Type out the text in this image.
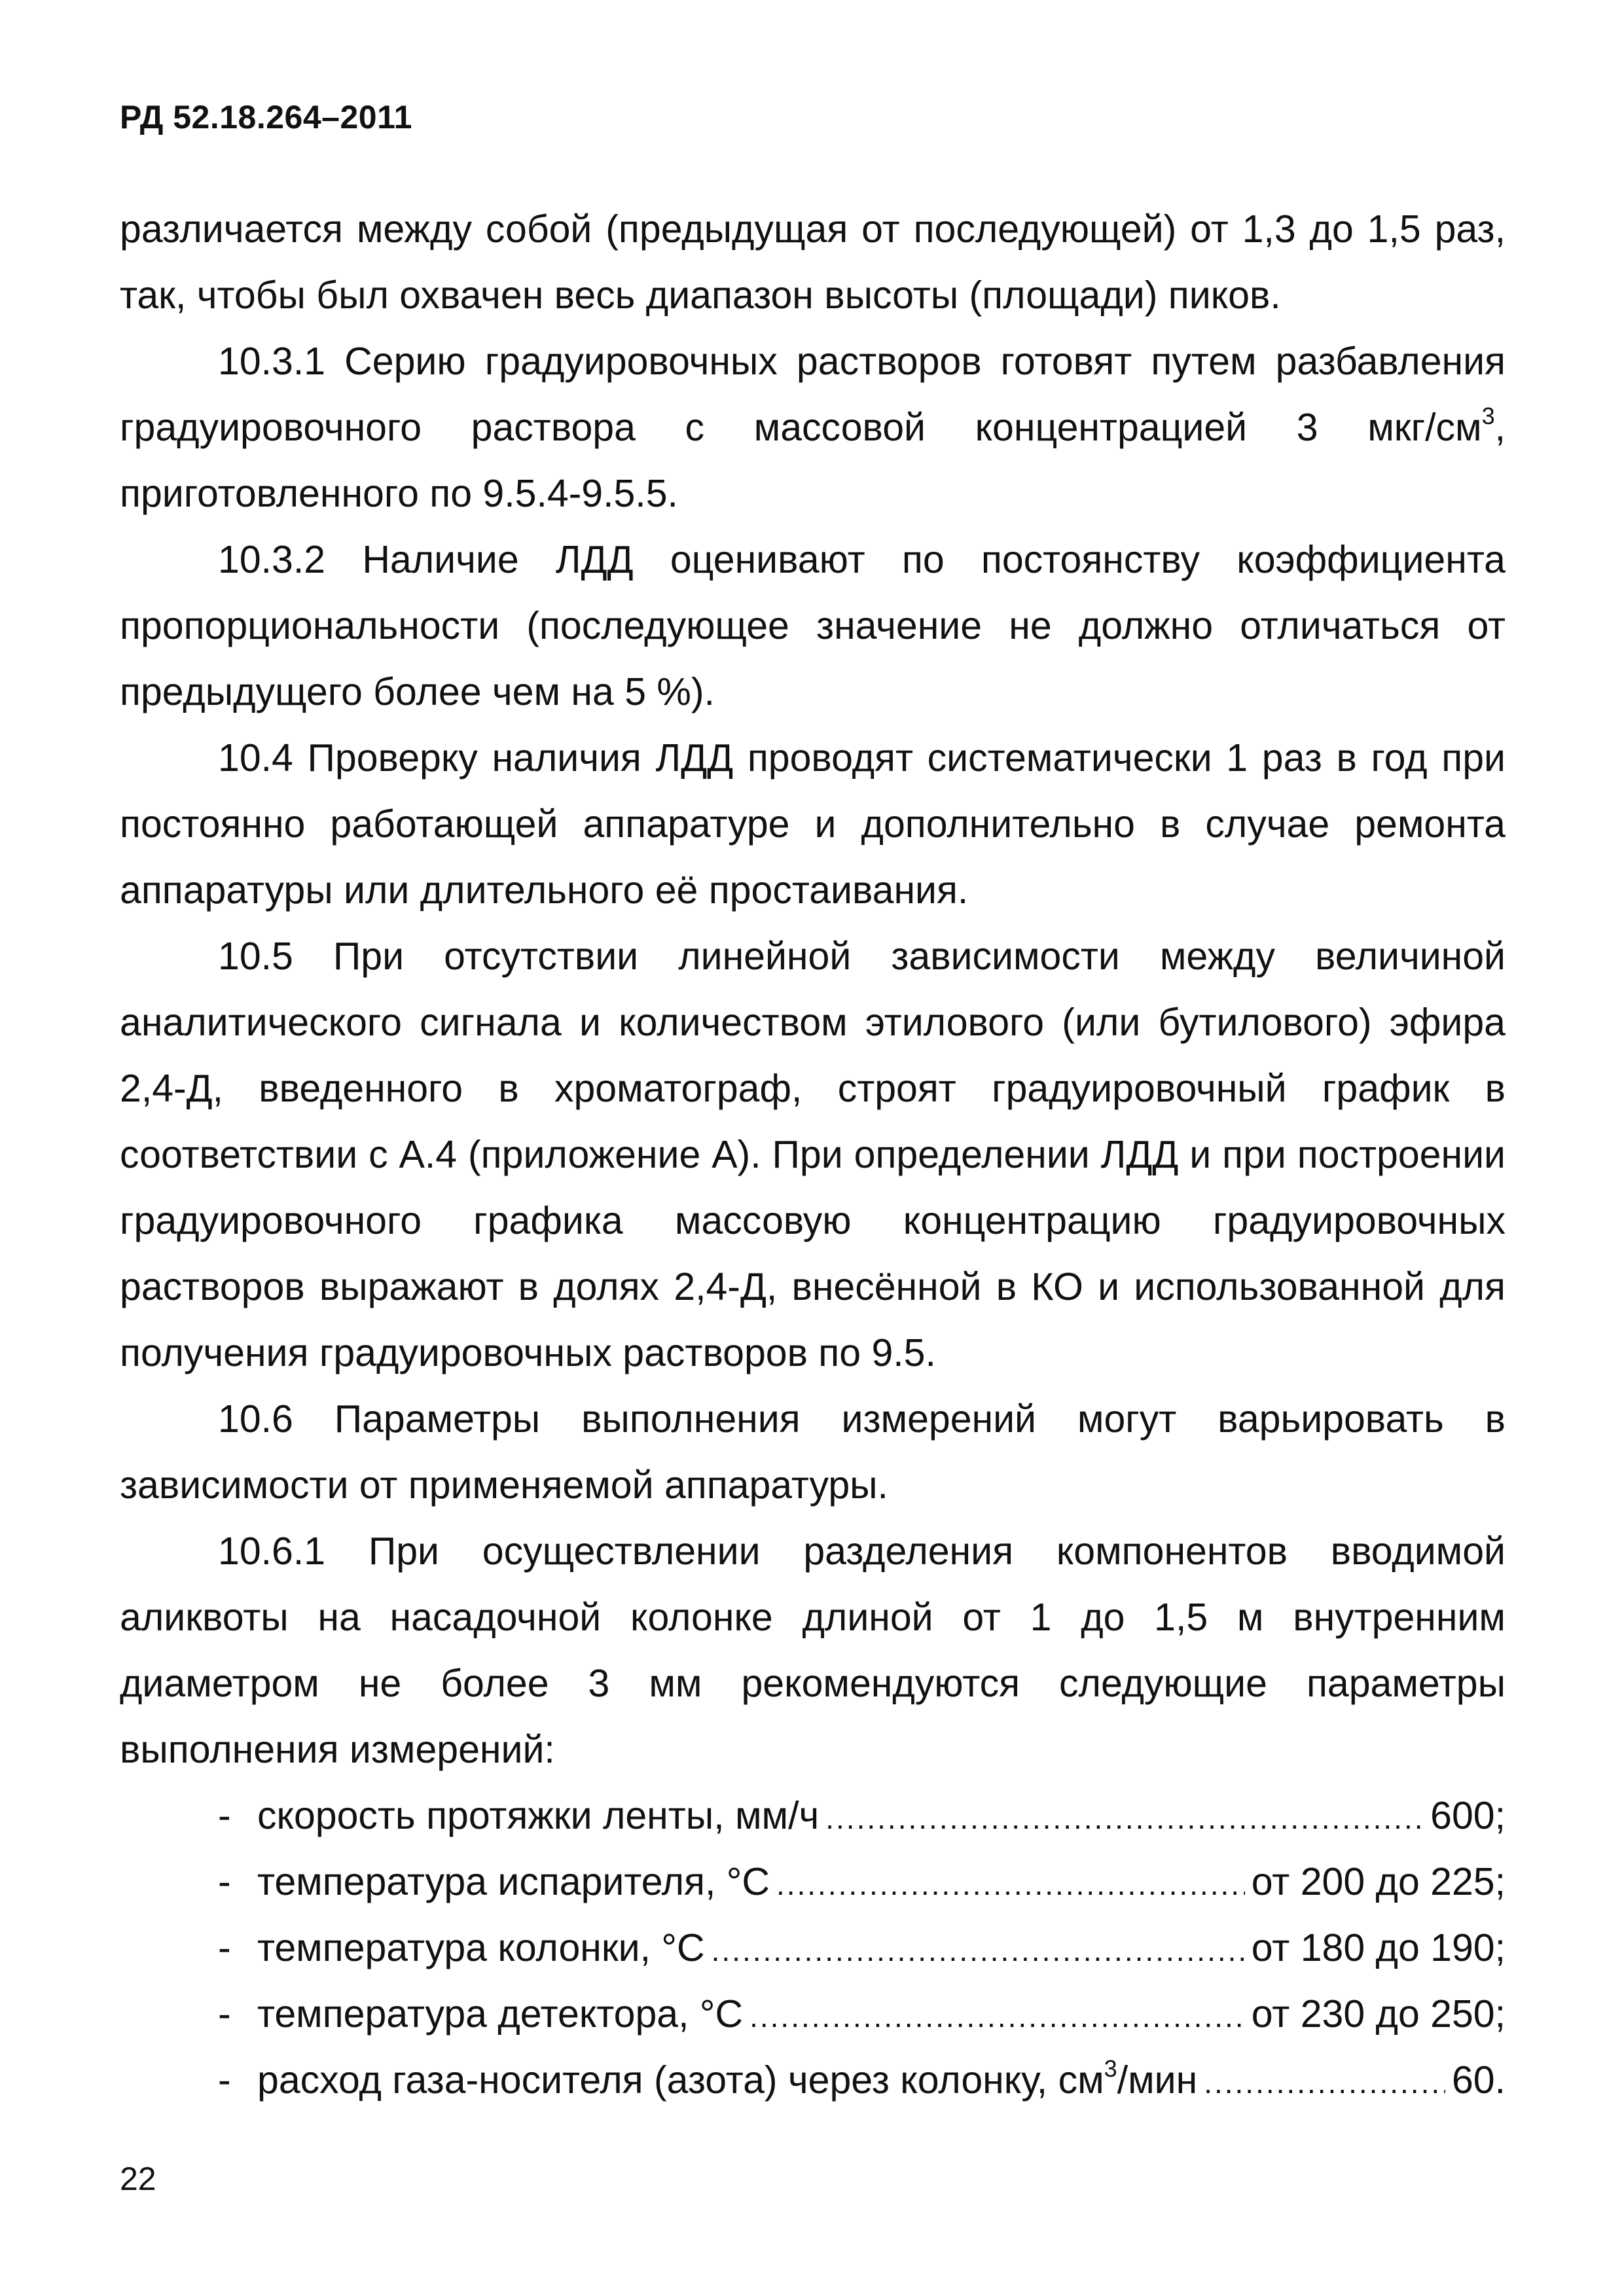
РД 52.18.264–2011

различается между собой (предыдущая от последующей) от 1,3 до 1,5 раз, так, чтобы был охвачен весь диапазон высоты (площади) пиков.

10.3.1 Серию градуировочных растворов готовят путем разбавления градуировочного раствора с массовой концентрацией 3 мкг/$см^3$, приготовленного по 9.5.4-9.5.5.

10.3.2 Наличие ЛДД оценивают по постоянству коэффициента пропорциональности (последующее значение не должно отличаться от предыдущего более чем на 5 %).

10.4 Проверку наличия ЛДД проводят систематически 1 раз в год при постоянно работающей аппаратуре и дополнительно в случае ремонта аппаратуры или длительного её простаивания.

10.5 При отсутствии линейной зависимости между величиной аналитического сигнала и количеством этилового (или бутилового) эфира 2,4-Д, введенного в хроматограф, строят градуировочный график в соответствии с А.4 (приложение А). При определении ЛДД и при построении градуировочного графика массовую концентрацию градуировочных растворов выражают в долях 2,4-Д, внесённой в КО и использованной для получения градуировочных растворов по 9.5.

10.6 Параметры выполнения измерений могут варьировать в зависимости от применяемой аппаратуры.

10.6.1 При осуществлении разделения компонентов вводимой аликвоты на насадочной колонке длиной от 1 до 1,5 м внутренним диаметром не более 3 мм рекомендуются следующие параметры выполнения измерений:

- скорость протяжки ленты, мм/ч .....	600;
- температура испарителя, °С .....	от 200 до 225;
- температура колонки, °С .....	от 180 до 190;
- температура детектора, °С .....	от 230 до 250;
- расход газа-носителя (азота) через колонку, $см^3$/мин .....	60.
22
